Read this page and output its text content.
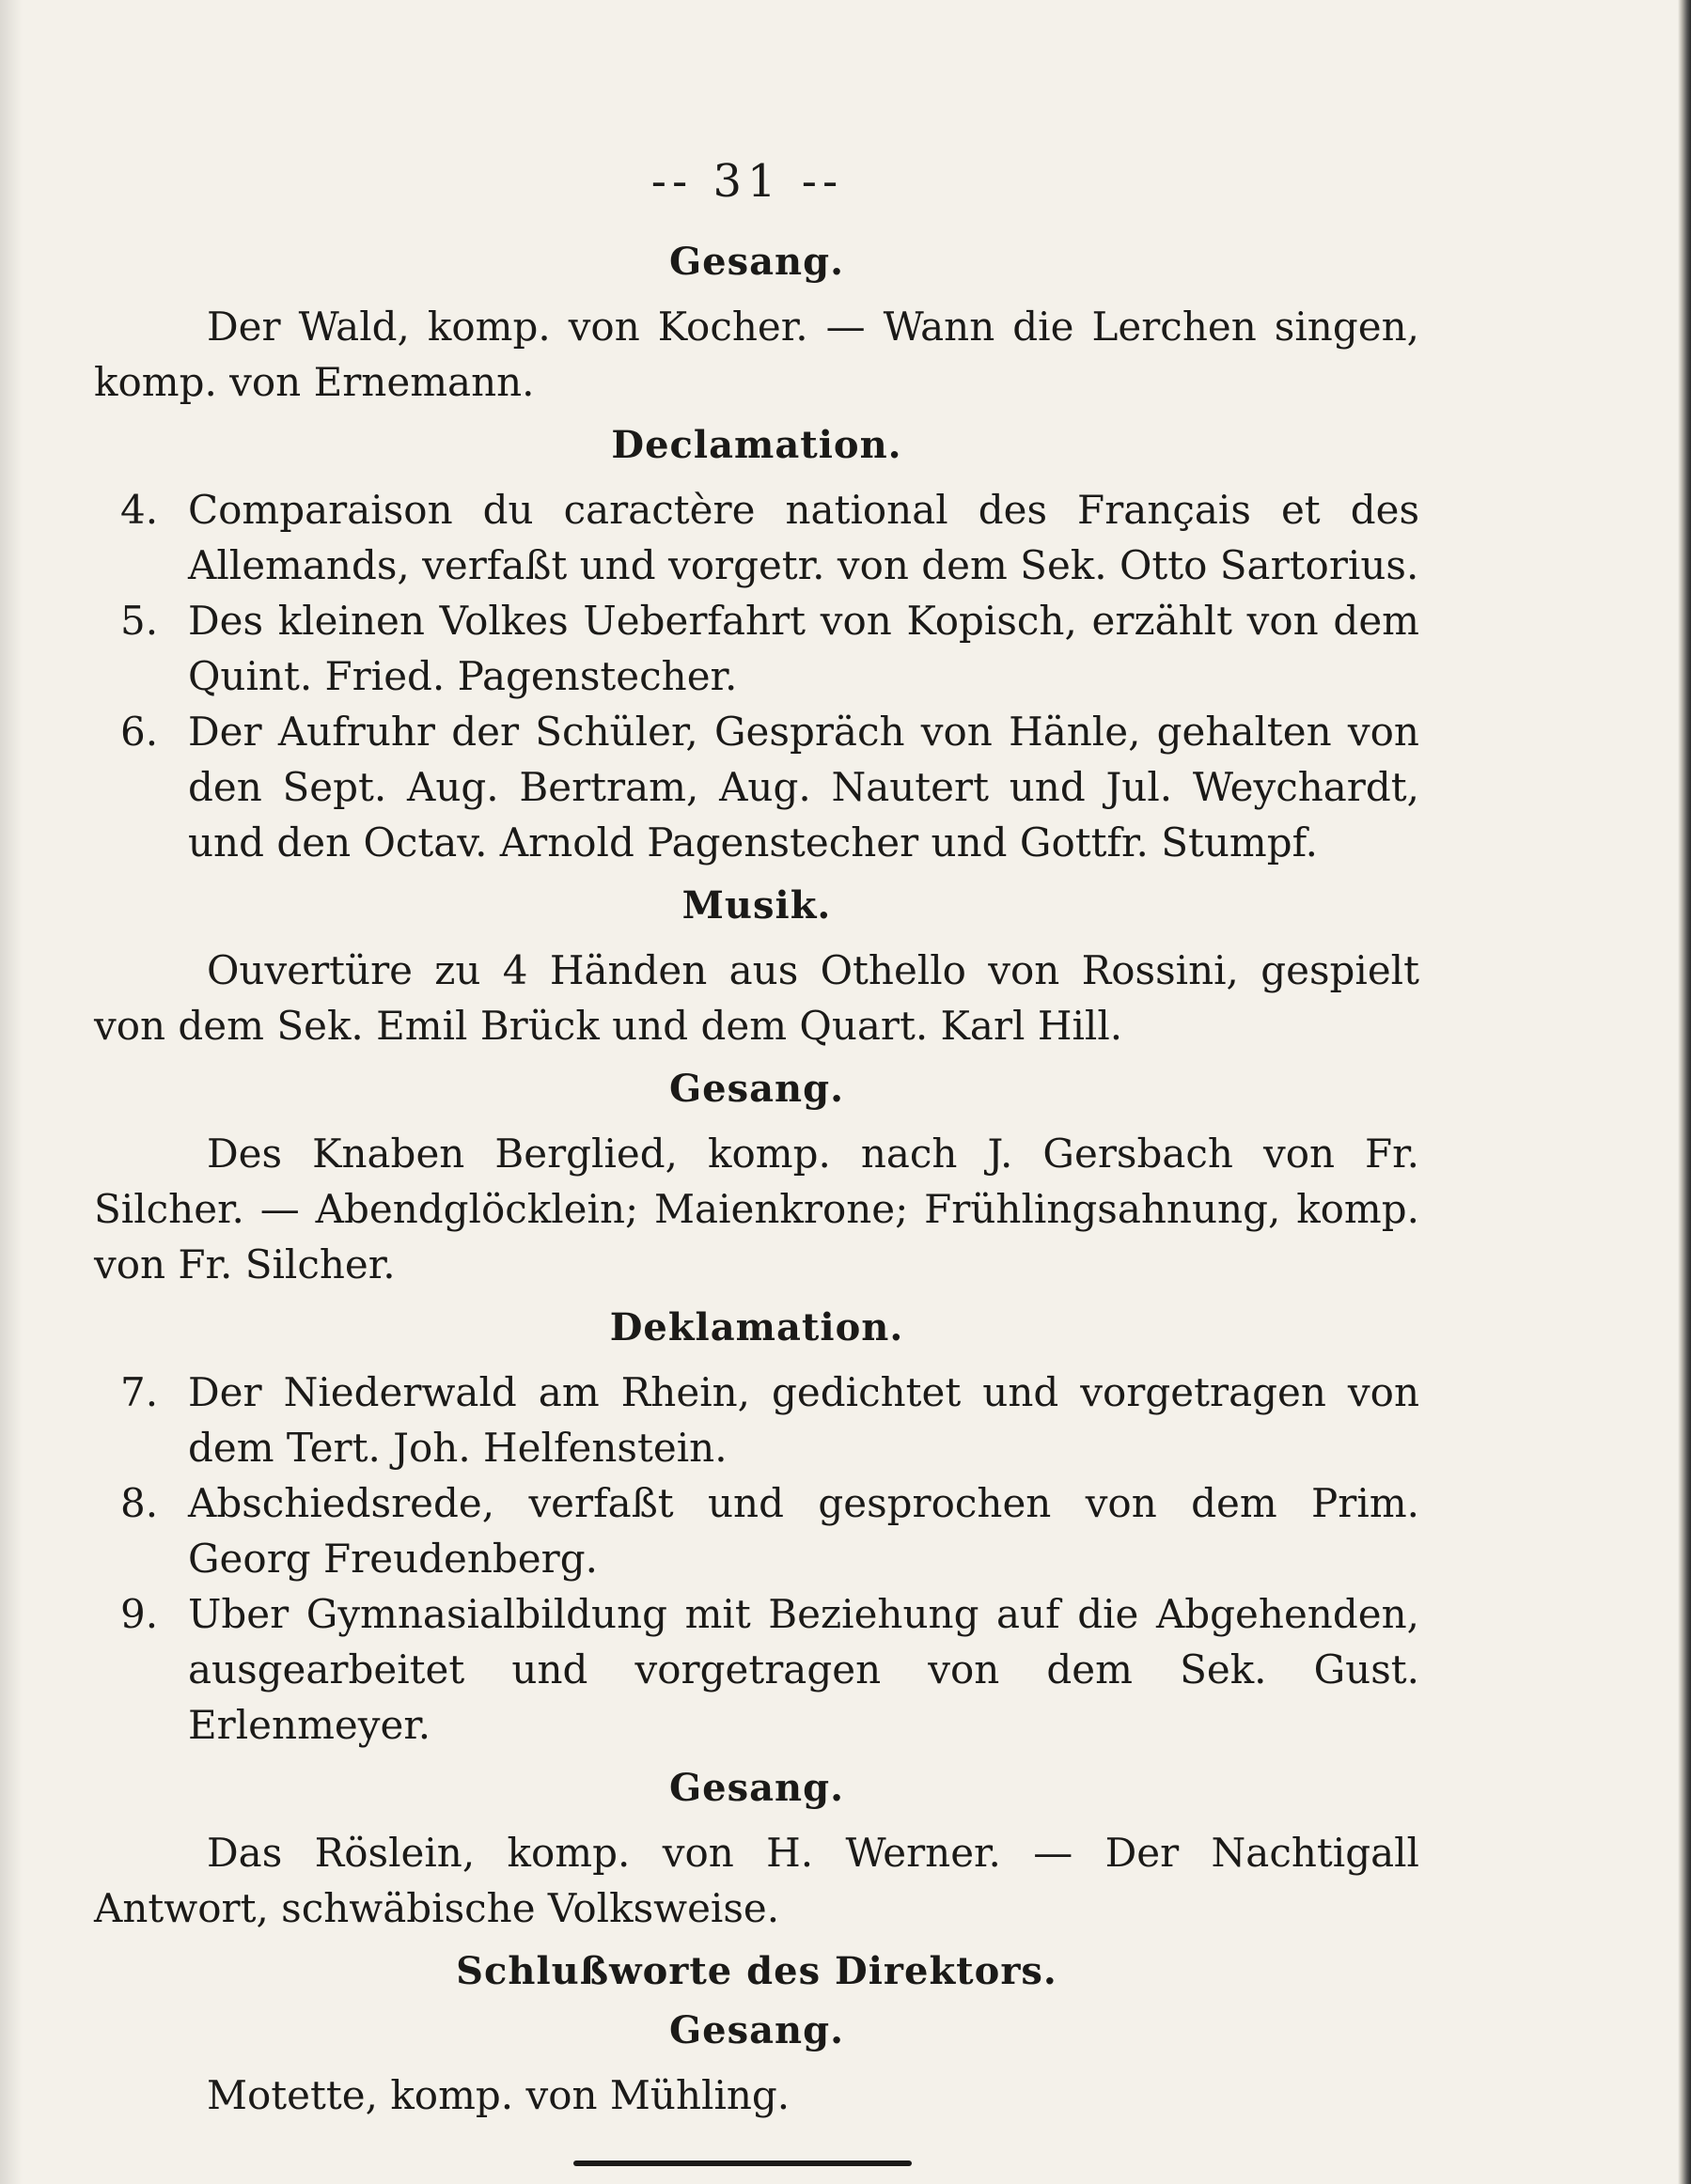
-- 31 --
Gesang.

Der Wald, komp. von Kocher. — Wann die Lerchen singen, komp. von Ernemann.

Declamation.
4. Comparaison du caractère national des Français et des Allemands, verfaßt und vorgetr. von dem Sek. Otto Sartorius.
5. Des kleinen Volkes Ueberfahrt von Kopisch, erzählt von dem Quint. Fried. Pagenstecher.
6. Der Aufruhr der Schüler, Gespräch von Hänle, gehalten von den Sept. Aug. Bertram, Aug. Nautert und Jul. Weychardt, und den Octav. Arnold Pagenstecher und Gottfr. Stumpf.
Musik.

Ouvertüre zu 4 Händen aus Othello von Rossini, gespielt von dem Sek. Emil Brück und dem Quart. Karl Hill.

Gesang.

Des Knaben Berglied, komp. nach J. Gersbach von Fr. Silcher. — Abendglöcklein; Maienkrone; Frühlingsahnung, komp. von Fr. Silcher.

Deklamation.
7. Der Niederwald am Rhein, gedichtet und vorgetragen von dem Tert. Joh. Helfenstein.
8. Abschiedsrede, verfaßt und gesprochen von dem Prim. Georg Freudenberg.
9. Uber Gymnasialbildung mit Beziehung auf die Abgehenden, ausgearbeitet und vorgetragen von dem Sek. Gust. Erlenmeyer.
Gesang.

Das Röslein, komp. von H. Werner. — Der Nachtigall Antwort, schwäbische Volksweise.

Schlußworte des Direktors.
Gesang.

Motette, komp. von Mühling.
